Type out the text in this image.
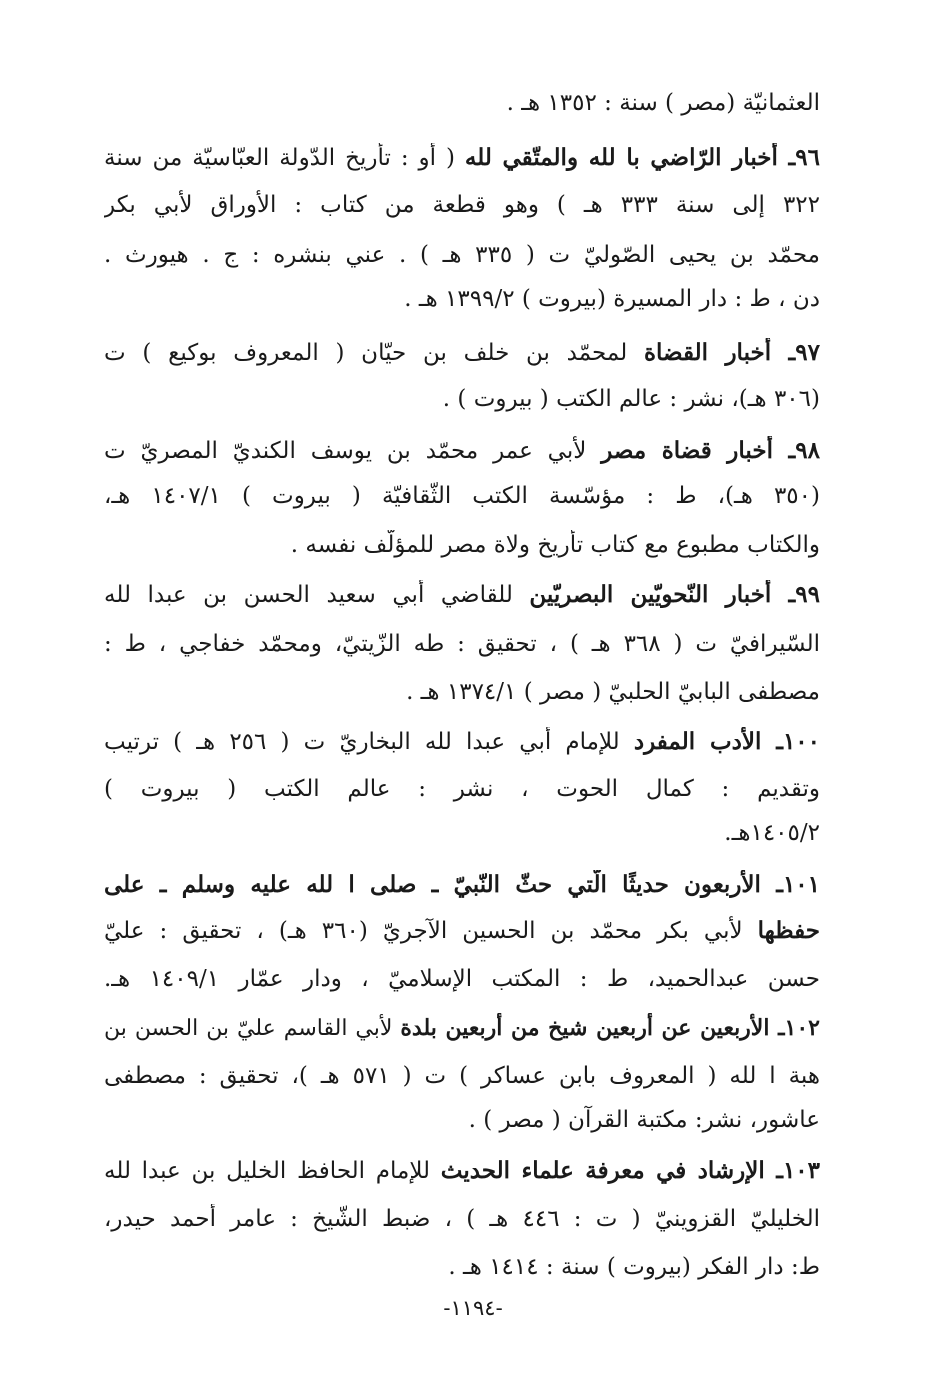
العثمانيّة (مصر ) سنة : ١٣٥٢ هـ .
٩٦ـ أخبار الرّاضي با لله والمتّقي لله ( أو : تأريخ الدّولة العبّاسيّة من سنة
٣٢٢ إلى سنة ٣٣٣ هـ ) وهو قطعة من كتاب : الأوراق لأبي بكر
محمّد بن يحيى الصّوليّ ت ( ٣٣٥ هـ ) . عني بنشره : ج . هيورث .
دن ، ط : دار المسيرة (بيروت ) ١٣٩٩/٢ هـ .
٩٧ـ أخبار القضاة لمحمّد بن خلف بن حيّان ( المعروف بوكيع ) ت
(٣٠٦ هـ)، نشر : عالم الكتب ( بيروت ) .
٩٨ـ أخبار قضاة مصر لأبي عمر محمّد بن يوسف الكنديّ المصريّ ت
(٣٥٠ هـ)، ط : مؤسّسة الكتب الثّقافيّة ( بيروت ) ١٤٠٧/١ هـ،
والكتاب مطبوع مع كتاب تأريخ ولاة مصر للمؤلّف نفسه .
٩٩ـ أخبار النّحويّين البصريّين للقاضي أبي سعيد الحسن بن عبدا لله
السّيرافيّ ت ( ٣٦٨ هـ ) ، تحقيق : طه الزّيتيّ، ومحمّد خفاجي ، ط :
مصطفى البابيّ الحلبيّ ( مصر ) ١٣٧٤/١ هـ .
١٠٠ـ الأدب المفرد للإمام أبي عبدا لله البخاريّ ت ( ٢٥٦ هـ ) ترتيب
وتقديم : كمال الحوت ، نشر : عالم الكتب ( بيروت )
١٤٠٥/٢هـ.
١٠١ـ الأربعون حديثًا الّتي حثّ النّبيّ ـ صلى ا لله عليه وسلم ـ على
حفظها لأبي بكر محمّد بن الحسين الآجريّ (٣٦٠ هـ) ، تحقيق : عليّ
حسن عبدالحميد، ط : المكتب الإسلاميّ ، ودار عمّار ١٤٠٩/١ هـ.
١٠٢ـ الأربعين عن أربعين شيخ من أربعين بلدة لأبي القاسم عليّ بن الحسن بن
هبة ا لله ( المعروف بابن عساكر ) ت ( ٥٧١ هـ )، تحقيق : مصطفى
عاشور، نشر: مكتبة القرآن ( مصر ) .
١٠٣ـ الإرشاد في معرفة علماء الحديث للإمام الحافظ الخليل بن عبدا لله
الخليليّ القزوينيّ ( ت : ٤٤٦ هـ ) ، ضبط الشّيخ : عامر أحمد حيدر،
ط: دار الفكر (بيروت ) سنة : ١٤١٤ هـ .
-١١٩٤-
